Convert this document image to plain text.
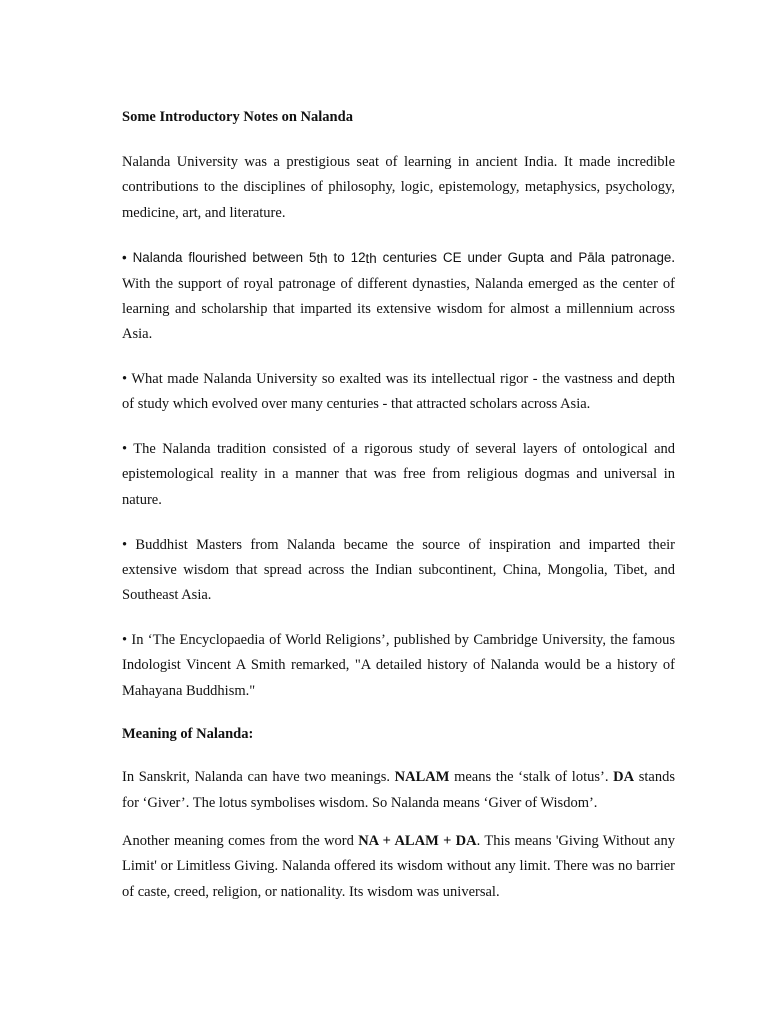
Some Introductory Notes on Nalanda

Nalanda University was a prestigious seat of learning in ancient India. It made incredible contributions to the disciplines of philosophy, logic, epistemology, metaphysics, psychology, medicine, art, and literature.

• Nalanda flourished between 5th to 12th centuries CE under Gupta and Pāla patronage. With the support of royal patronage of different dynasties, Nalanda emerged as the center of learning and scholarship that imparted its extensive wisdom for almost a millennium across Asia.

• What made Nalanda University so exalted was its intellectual rigor - the vastness and depth of study which evolved over many centuries - that attracted scholars across Asia.

• The Nalanda tradition consisted of a rigorous study of several layers of ontological and epistemological reality in a manner that was free from religious dogmas and universal in nature.

• Buddhist Masters from Nalanda became the source of inspiration and imparted their extensive wisdom that spread across the Indian subcontinent, China, Mongolia, Tibet, and Southeast Asia.

• In ‘The Encyclopaedia of World Religions’, published by Cambridge University, the famous Indologist Vincent A Smith remarked, "A detailed history of Nalanda would be a history of Mahayana Buddhism."

Meaning of Nalanda:

In Sanskrit, Nalanda can have two meanings. NALAM means the ‘stalk of lotus’. DA stands for ‘Giver’. The lotus symbolises wisdom. So Nalanda means ‘Giver of Wisdom’.

Another meaning comes from the word NA + ALAM + DA. This means 'Giving Without any Limit' or Limitless Giving. Nalanda offered its wisdom without any limit. There was no barrier of caste, creed, religion, or nationality. Its wisdom was universal.
